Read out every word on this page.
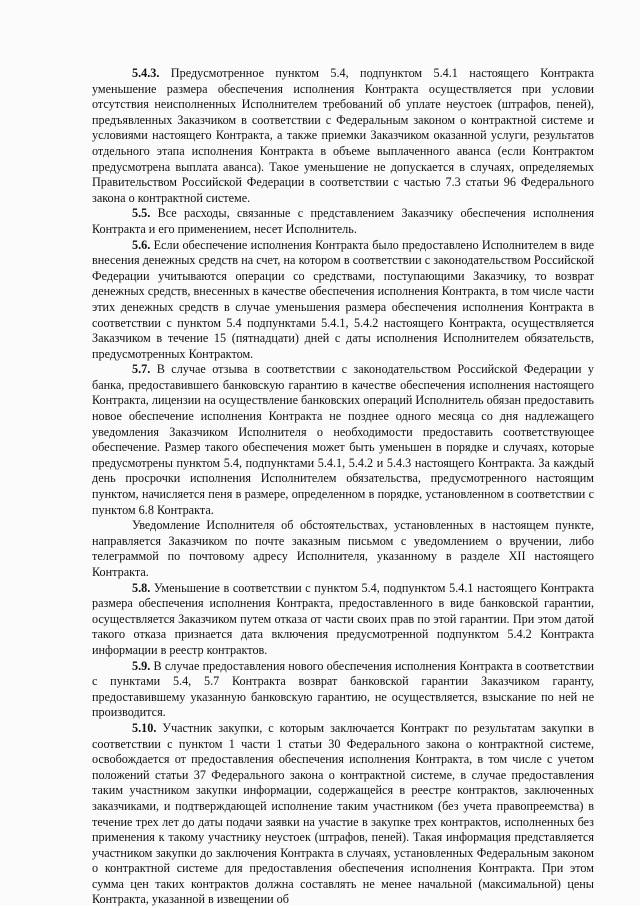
5.4.3. Предусмотренное пунктом 5.4, подпунктом 5.4.1 настоящего Контракта уменьшение размера обеспечения исполнения Контракта осуществляется при условии отсутствия неисполненных Исполнителем требований об уплате неустоек (штрафов, пеней), предъявленных Заказчиком в соответствии с Федеральным законом о контрактной системе и условиями настоящего Контракта, а также приемки Заказчиком оказанной услуги, результатов отдельного этапа исполнения Контракта в объеме выплаченного аванса (если Контрактом предусмотрена выплата аванса). Такое уменьшение не допускается в случаях, определяемых Правительством Российской Федерации в соответствии с частью 7.3 статьи 96 Федерального закона о контрактной системе.

5.5. Все расходы, связанные с представлением Заказчику обеспечения исполнения Контракта и его применением, несет Исполнитель.

5.6. Если обеспечение исполнения Контракта было предоставлено Исполнителем в виде внесения денежных средств на счет, на котором в соответствии с законодательством Российской Федерации учитываются операции со средствами, поступающими Заказчику, то возврат денежных средств, внесенных в качестве обеспечения исполнения Контракта, в том числе части этих денежных средств в случае уменьшения размера обеспечения исполнения Контракта в соответствии с пунктом 5.4 подпунктами 5.4.1, 5.4.2 настоящего Контракта, осуществляется Заказчиком в течение 15 (пятнадцати) дней с даты исполнения Исполнителем обязательств, предусмотренных Контрактом.

5.7. В случае отзыва в соответствии с законодательством Российской Федерации у банка, предоставившего банковскую гарантию в качестве обеспечения исполнения настоящего Контракта, лицензии на осуществление банковских операций Исполнитель обязан предоставить новое обеспечение исполнения Контракта не позднее одного месяца со дня надлежащего уведомления Заказчиком Исполнителя о необходимости предоставить соответствующее обеспечение. Размер такого обеспечения может быть уменьшен в порядке и случаях, которые предусмотрены пунктом 5.4, подпунктами 5.4.1, 5.4.2 и 5.4.3 настоящего Контракта. За каждый день просрочки исполнения Исполнителем обязательства, предусмотренного настоящим пунктом, начисляется пеня в размере, определенном в порядке, установленном в соответствии с пунктом 6.8 Контракта.

Уведомление Исполнителя об обстоятельствах, установленных в настоящем пункте, направляется Заказчиком по почте заказным письмом с уведомлением о вручении, либо телеграммой по почтовому адресу Исполнителя, указанному в разделе XII настоящего Контракта.

5.8. Уменьшение в соответствии с пунктом 5.4, подпунктом 5.4.1 настоящего Контракта размера обеспечения исполнения Контракта, предоставленного в виде банковской гарантии, осуществляется Заказчиком путем отказа от части своих прав по этой гарантии. При этом датой такого отказа признается дата включения предусмотренной подпунктом 5.4.2 Контракта информации в реестр контрактов.

5.9. В случае предоставления нового обеспечения исполнения Контракта в соответствии с пунктами 5.4, 5.7 Контракта возврат банковской гарантии Заказчиком гаранту, предоставившему указанную банковскую гарантию, не осуществляется, взыскание по ней не производится.

5.10. Участник закупки, с которым заключается Контракт по результатам закупки в соответствии с пунктом 1 части 1 статьи 30 Федерального закона о контрактной системе, освобождается от предоставления обеспечения исполнения Контракта, в том числе с учетом положений статьи 37 Федерального закона о контрактной системе, в случае предоставления таким участником закупки информации, содержащейся в реестре контрактов, заключенных заказчиками, и подтверждающей исполнение таким участником (без учета правопреемства) в течение трех лет до даты подачи заявки на участие в закупке трех контрактов, исполненных без применения к такому участнику неустоек (штрафов, пеней). Такая информация представляется участником закупки до заключения Контракта в случаях, установленных Федеральным законом о контрактной системе для предоставления обеспечения исполнения Контракта. При этом сумма цен таких контрактов должна составлять не менее начальной (максимальной) цены Контракта, указанной в извещении об
